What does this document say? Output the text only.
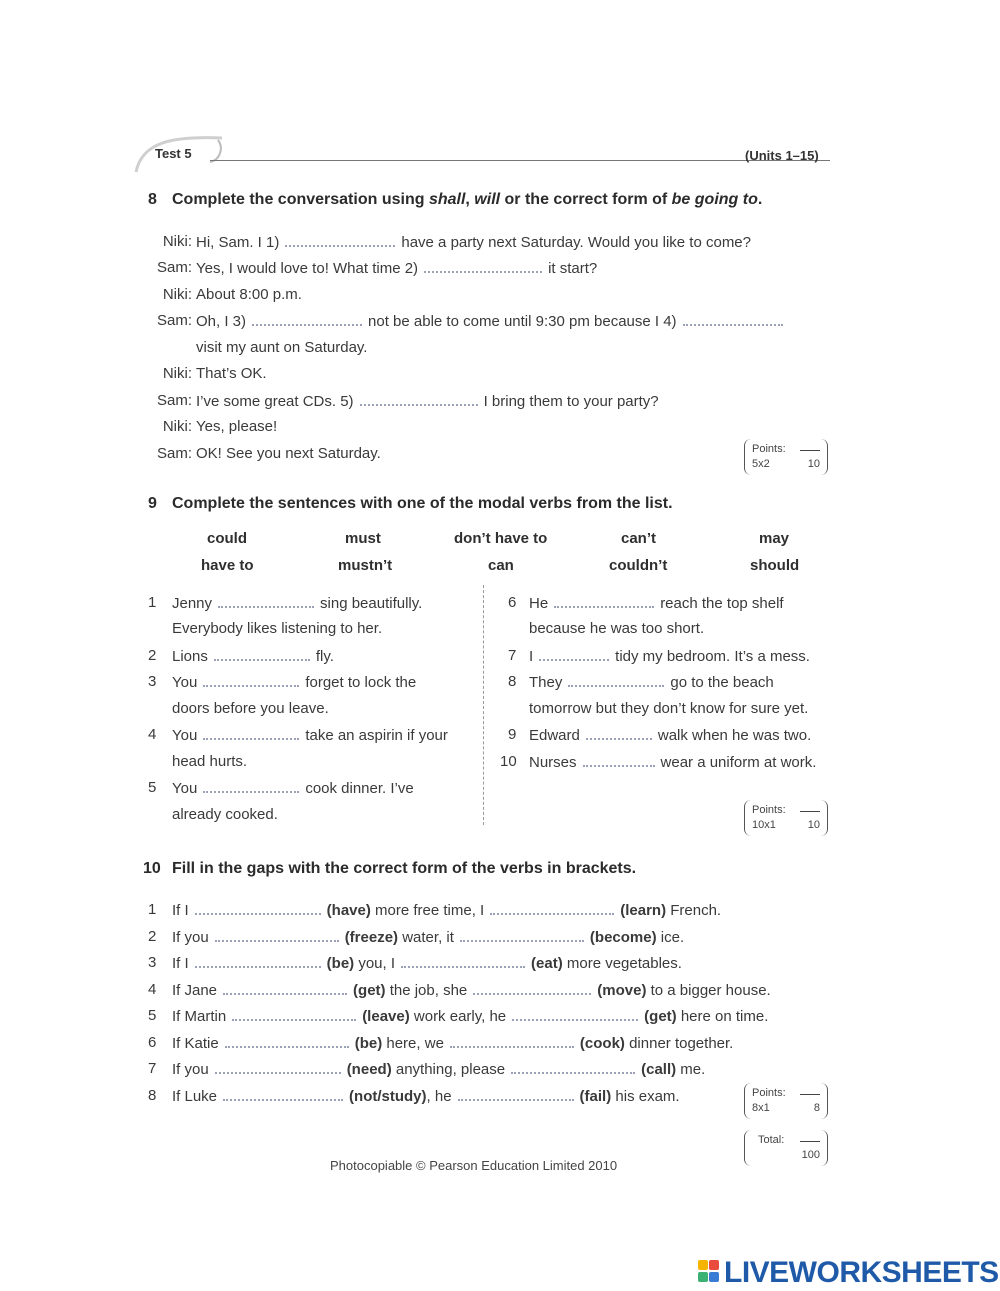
Test 5	(Units 1–15)
8 Complete the conversation using shall, will or the correct form of be going to.
Niki: Hi, Sam. I 1)	have a party next Saturday. Would you like to come?
Sam: Yes, I would love to! What time 2)	it start?
Niki: About 8:00 p.m.
Sam: Oh, I 3)	not be able to come until 9:30 pm because I 4)
visit my aunt on Saturday.
Niki: That’s OK.
Sam: I’ve some great CDs. 5)	I bring them to your party?
Niki: Yes, please!
Sam: OK! See you next Saturday.	Points:
5x2	10
9 Complete the sentences with one of the modal verbs from the list.
could	must	don’t have to	can’t	may
have to	mustn’t	can	couldn’t	should
1 Jenny	sing beautifully.
Everybody likes listening to her.
2 Lions	fly.
3 You	forget to lock the
doors before you leave.
4 You	take an aspirin if your
head hurts.
5 You	cook dinner. I’ve
already cooked.
6 He	reach the top shelf
because he was too short.
7 I	tidy my bedroom. It’s a mess.
8 They	go to the beach
tomorrow but they don’t know for sure yet.
9 Edward	walk when he was two.
10 Nurses	wear a uniform at work.
Points:
10x1	10
10 Fill in the gaps with the correct form of the verbs in brackets.
1 If I	(have) more free time, I	(learn) French.
2 If you	(freeze) water, it	(become) ice.
3 If I	(be) you, I	(eat) more vegetables.
4 If Jane	(get) the job, she	(move) to a bigger house.
5 If Martin	(leave) work early, he	(get) here on time.
6 If Katie	(be) here, we	(cook) dinner together.
7 If you	(need) anything, please	(call) me.
8 If Luke	(not/study), he	(fail) his exam.	Points:
8x1	8
Total:
100
Photocopiable © Pearson Education Limited 2010
LIVEWORKSHEETS
